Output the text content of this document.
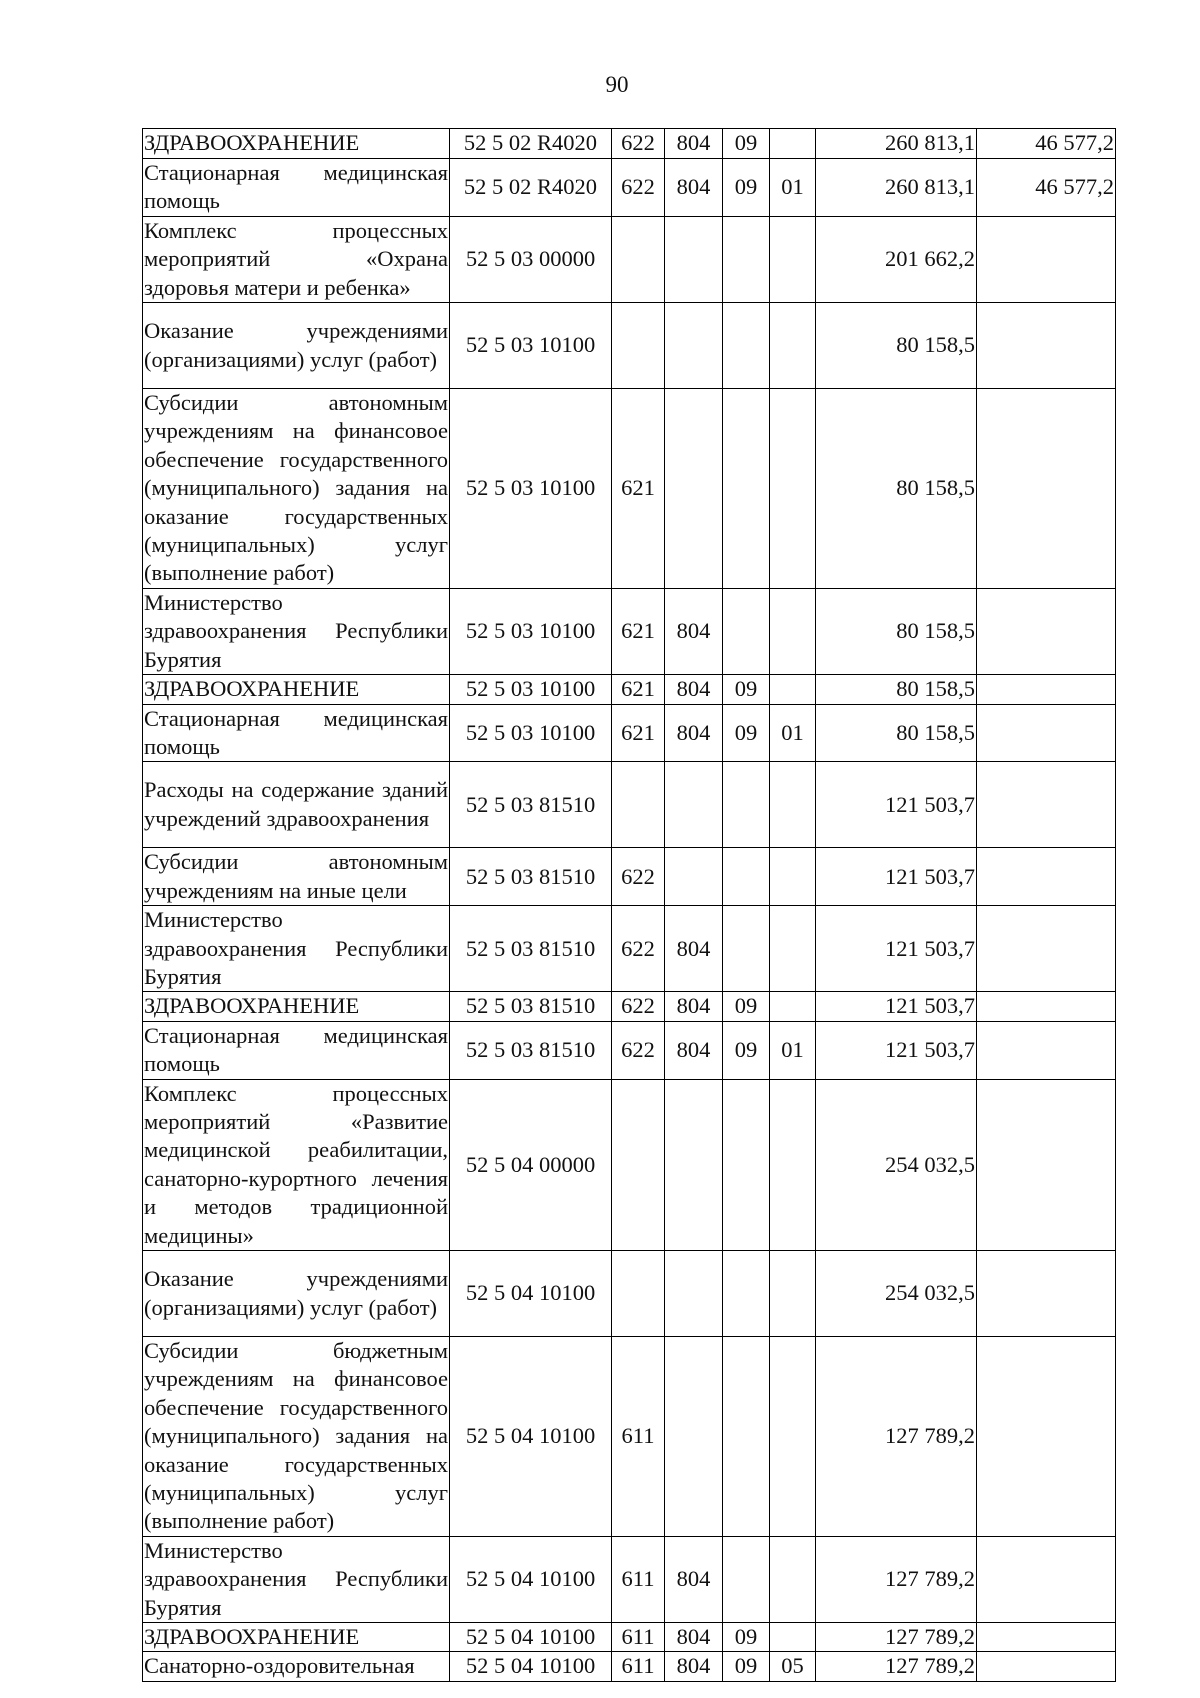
90
ЗДРАВООХРАНЕНИЕ	52 5 02 R4020	622	804	09		260 813,1	46 577,2
Стационарная медицинская помощь	52 5 02 R4020	622	804	09	01	260 813,1	46 577,2
Комплекс процессных мероприятий «Охрана здоровья матери и ребенка»	52 5 03 00000					201 662,2	
Оказание учреждениями (организациями) услуг (работ)	52 5 03 10100					80 158,5	
Субсидии автономным учреждениям на финансовое обеспечение государственного (муниципального) задания на оказание государственных (муниципальных) услуг (выполнение работ)	52 5 03 10100	621				80 158,5	
Министерство здравоохранения Республики Бурятия	52 5 03 10100	621	804			80 158,5	
ЗДРАВООХРАНЕНИЕ	52 5 03 10100	621	804	09		80 158,5	
Стационарная медицинская помощь	52 5 03 10100	621	804	09	01	80 158,5	
Расходы на содержание зданий учреждений здравоохранения	52 5 03 81510					121 503,7	
Субсидии автономным учреждениям на иные цели	52 5 03 81510	622				121 503,7	
Министерство здравоохранения Республики Бурятия	52 5 03 81510	622	804			121 503,7	
ЗДРАВООХРАНЕНИЕ	52 5 03 81510	622	804	09		121 503,7	
Стационарная медицинская помощь	52 5 03 81510	622	804	09	01	121 503,7	
Комплекс процессных мероприятий «Развитие медицинской реабилитации, санаторно-курортного лечения и методов традиционной медицины»	52 5 04 00000					254 032,5	
Оказание учреждениями (организациями) услуг (работ)	52 5 04 10100					254 032,5	
Субсидии бюджетным учреждениям на финансовое обеспечение государственного (муниципального) задания на оказание государственных (муниципальных) услуг (выполнение работ)	52 5 04 10100	611				127 789,2	
Министерство здравоохранения Республики Бурятия	52 5 04 10100	611	804			127 789,2	
ЗДРАВООХРАНЕНИЕ	52 5 04 10100	611	804	09		127 789,2	
Санаторно-оздоровительная	52 5 04 10100	611	804	09	05	127 789,2	
